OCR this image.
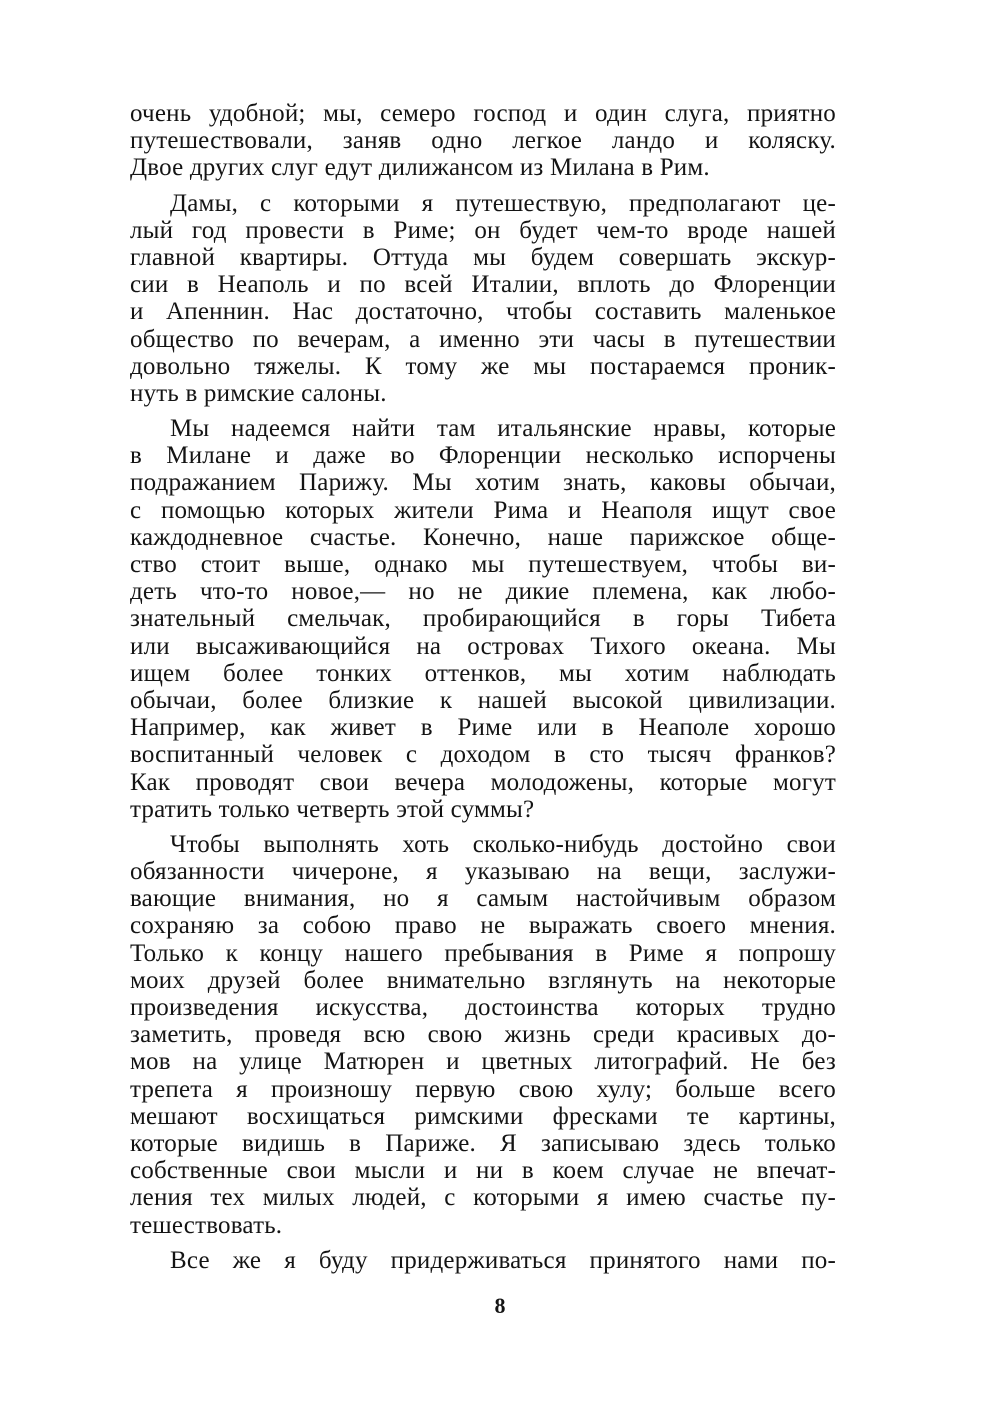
очень удобной; мы, семеро господ и один слуга, приятно
путешествовали, заняв одно легкое ландо и коляску.
Двое других слуг едут дилижансом из Милана в Рим.
Дамы, с которыми я путешествую, предполагают це-
лый год провести в Риме; он будет чем-то вроде нашей
главной квартиры. Оттуда мы будем совершать экскур-
сии в Неаполь и по всей Италии, вплоть до Флоренции
и Апеннин. Нас достаточно, чтобы составить маленькое
общество по вечерам, а именно эти часы в путешествии
довольно тяжелы. К тому же мы постараемся проник-
нуть в римские салоны.
Мы надеемся найти там итальянские нравы, которые
в Милане и даже во Флоренции несколько испорчены
подражанием Парижу. Мы хотим знать, каковы обычаи,
с помощью которых жители Рима и Неаполя ищут свое
каждодневное счастье. Конечно, наше парижское обще-
ство стоит выше, однако мы путешествуем, чтобы ви-
деть что-то новое,— но не дикие племена, как любо-
знательный смельчак, пробирающийся в горы Тибета
или высаживающийся на островах Тихого океана. Мы
ищем более тонких оттенков, мы хотим наблюдать
обычаи, более близкие к нашей высокой цивилизации.
Например, как живет в Риме или в Неаполе хорошо
воспитанный человек с доходом в сто тысяч франков?
Как проводят свои вечера молодожены, которые могут
тратить только четверть этой суммы?
Чтобы выполнять хоть сколько-нибудь достойно свои
обязанности чичероне, я указываю на вещи, заслужи-
вающие внимания, но я самым настойчивым образом
сохраняю за собою право не выражать своего мнения.
Только к концу нашего пребывания в Риме я попрошу
моих друзей более внимательно взглянуть на некоторые
произведения искусства, достоинства которых трудно
заметить, проведя всю свою жизнь среди красивых до-
мов на улице Матюрен и цветных литографий. Не без
трепета я произношу первую свою хулу; больше всего
мешают восхищаться римскими фресками те картины,
которые видишь в Париже. Я записываю здесь только
собственные свои мысли и ни в коем случае не впечат-
ления тех милых людей, с которыми я имею счастье пу-
тешествовать.
Все же я буду придерживаться принятого нами по-
8
